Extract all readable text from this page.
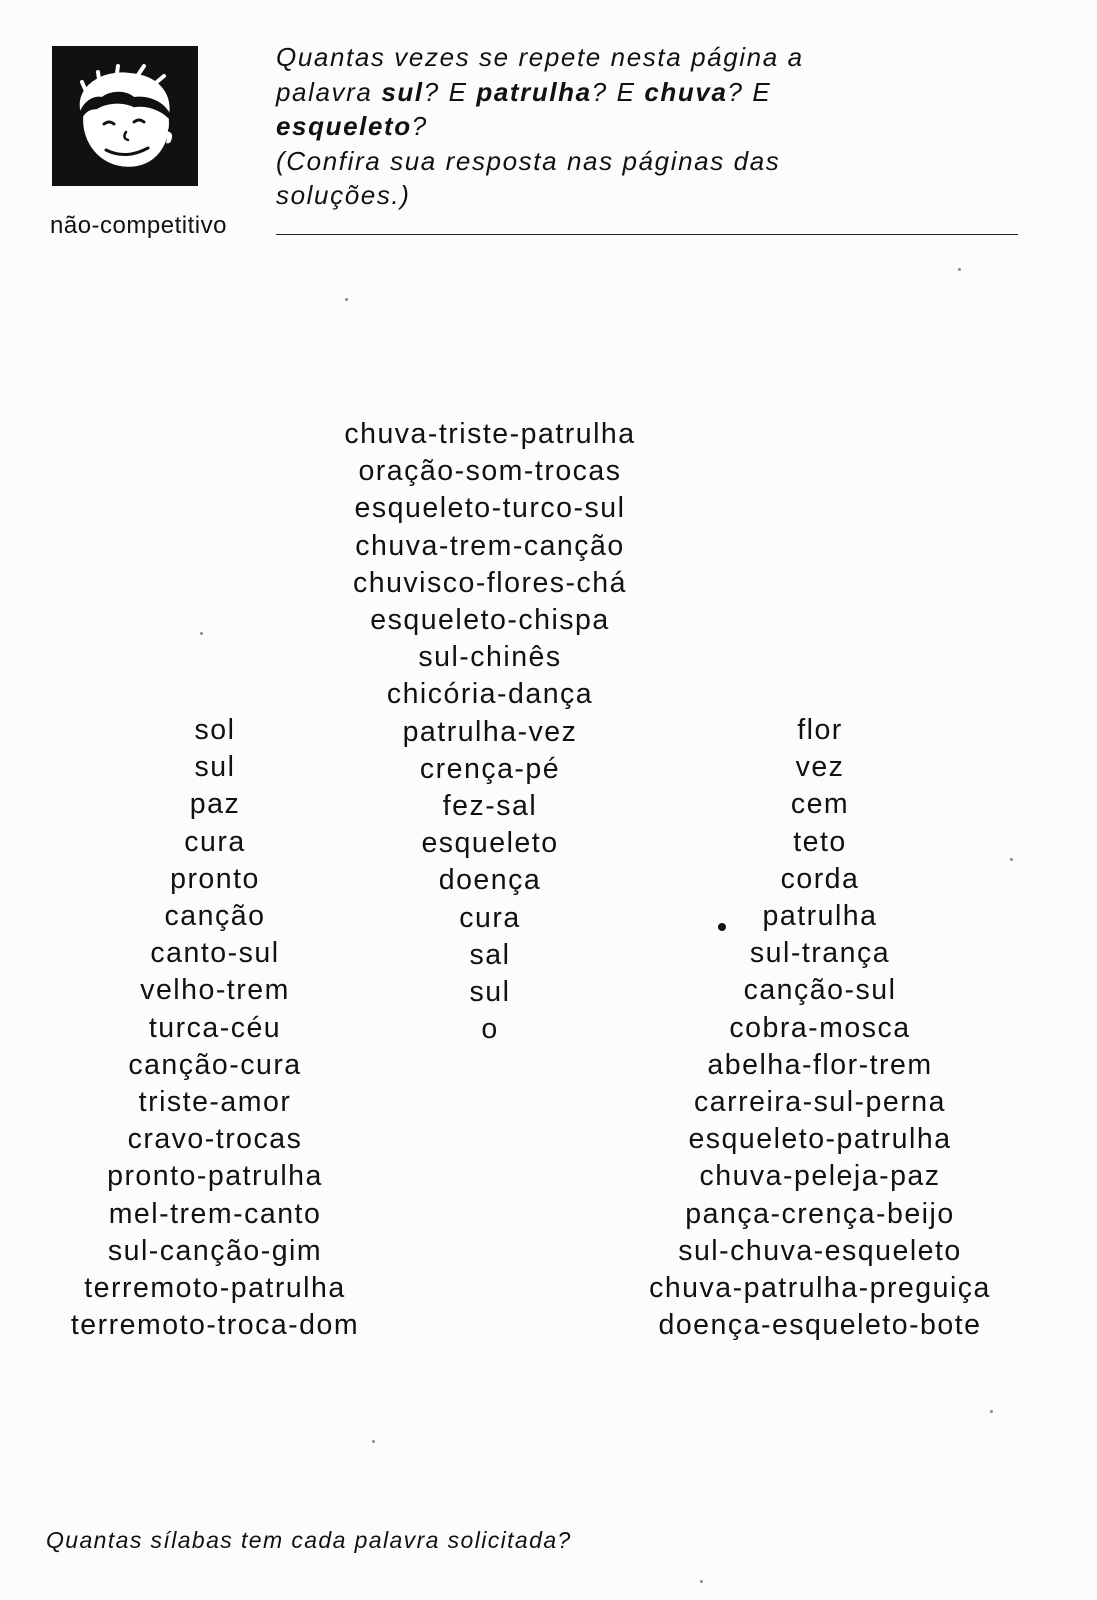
não-competitivo
Quantas vezes se repete nesta página a
palavra sul? E patrulha? E chuva? E
esqueleto?
(Confira sua resposta nas páginas das
soluções.)
sol
sul
paz
cura
pronto
canção
canto-sul
velho-trem
turca-céu
canção-cura
triste-amor
cravo-trocas
pronto-patrulha
mel-trem-canto
sul-canção-gim
terremoto-patrulha
terremoto-troca-dom
chuva-triste-patrulha
oração-som-trocas
esqueleto-turco-sul
chuva-trem-canção
chuvisco-flores-chá
esqueleto-chispa
sul-chinês
chicória-dança
patrulha-vez
crença-pé
fez-sal
esqueleto
doença
cura
sal
sul
o
flor
vez
cem
teto
corda
patrulha
sul-trança
canção-sul
cobra-mosca
abelha-flor-trem
carreira-sul-perna
esqueleto-patrulha
chuva-peleja-paz
pança-crença-beijo
sul-chuva-esqueleto
chuva-patrulha-preguiça
doença-esqueleto-bote
Quantas sílabas tem cada palavra solicitada?
